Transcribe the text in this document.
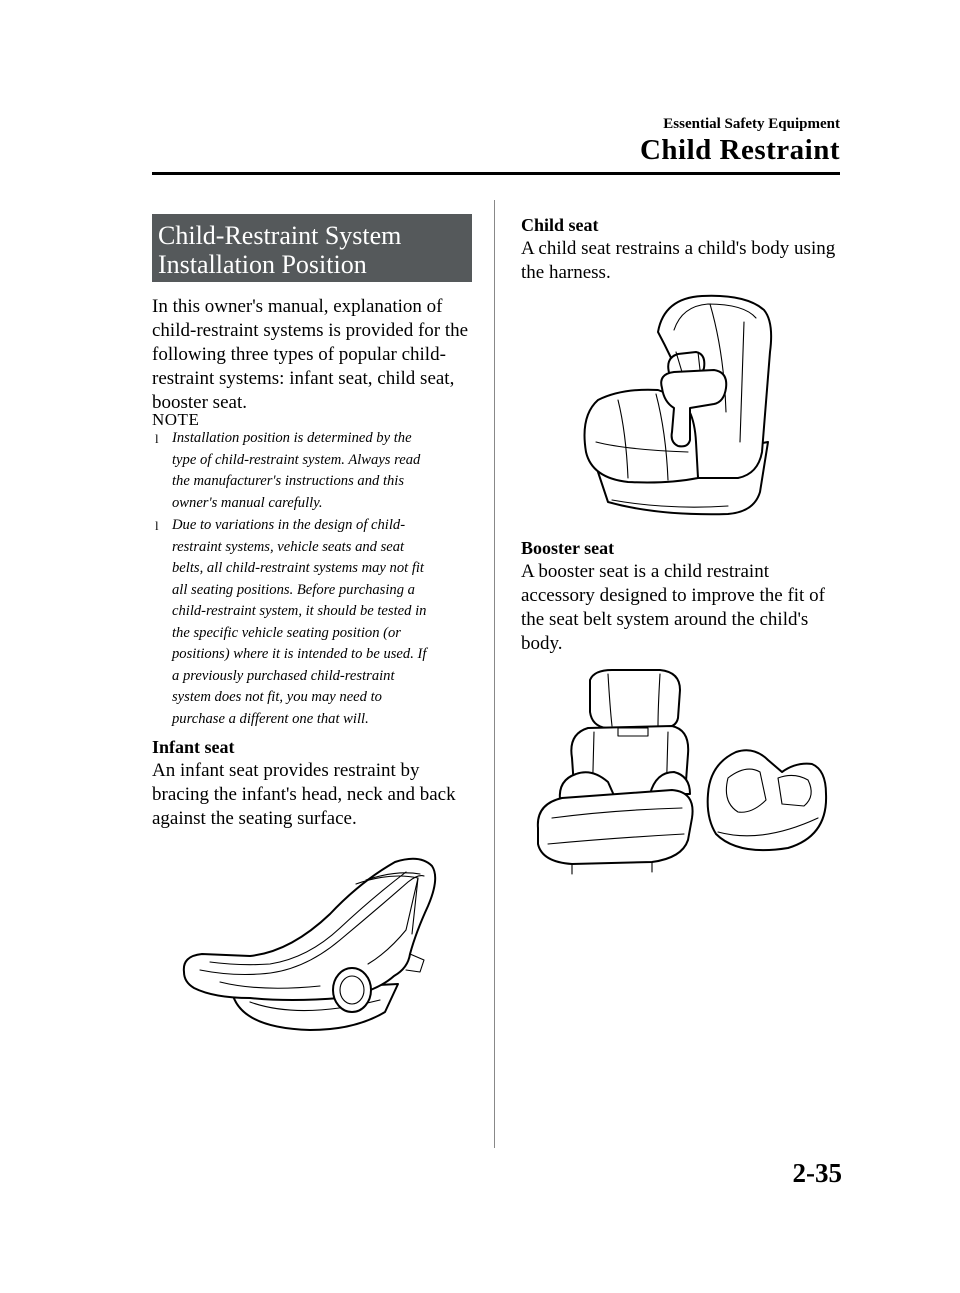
Essential Safety Equipment
Child Restraint
Child-Restraint System
Installation Position
In this owner's manual, explanation of
child-restraint systems is provided for the
following three types of popular child-
restraint systems: infant seat, child seat,
booster seat.
NOTE
l Installation position is determined by the
type of child-restraint system. Always read
the manufacturer's instructions and this
owner's manual carefully.
l Due to variations in the design of child-
restraint systems, vehicle seats and seat
belts, all child-restraint systems may not fit
all seating positions. Before purchasing a
child-restraint system, it should be tested in
the specific vehicle seating position (or
positions) where it is intended to be used. If
a previously purchased child-restraint
system does not fit, you may need to
purchase a different one that will.
Infant seat
An infant seat provides restraint by
bracing the infant's head, neck and back
against the seating surface.
Child seat
A child seat restrains a child's body using
the harness.
Booster seat
A booster seat is a child restraint
accessory designed to improve the fit of
the seat belt system around the child's
body.
2-35
